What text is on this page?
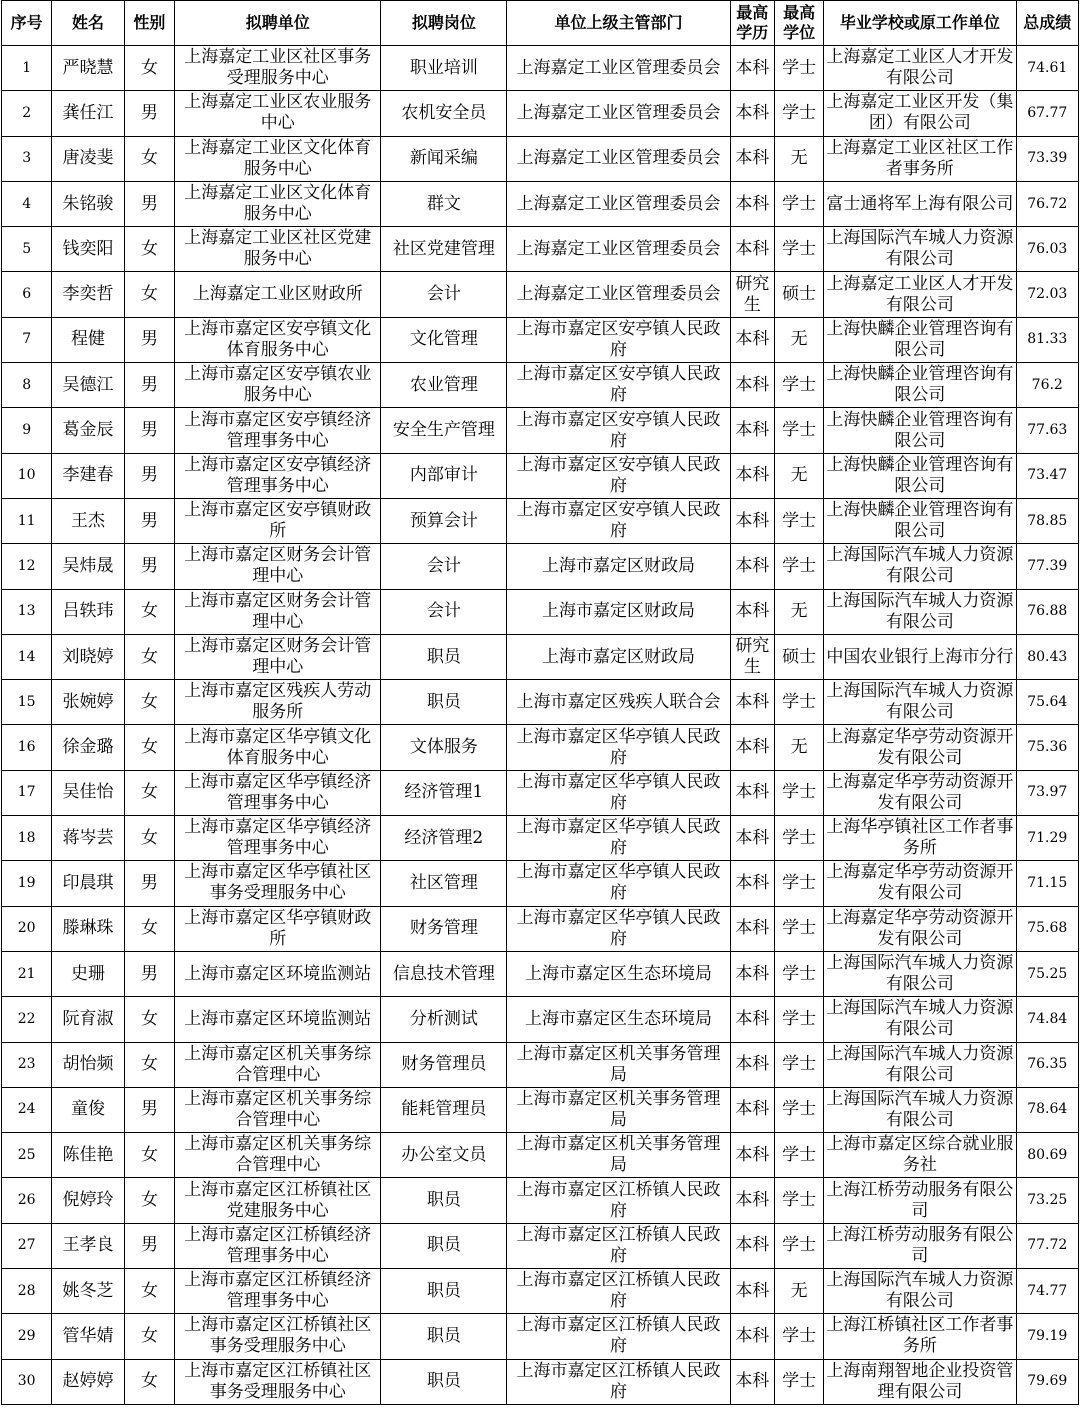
序号	姓名	性别	拟聘单位	拟聘岗位	单位上级主管部门	最高学历	最高学位	毕业学校或原工作单位	总成绩
1	严晓慧	女	上海嘉定工业区社区事务受理服务中心	职业培训	上海嘉定工业区管理委员会	本科	学士	上海嘉定工业区人才开发有限公司	74.61
2	龚任江	男	上海嘉定工业区农业服务中心	农机安全员	上海嘉定工业区管理委员会	本科	学士	上海嘉定工业区开发（集团）有限公司	67.77
3	唐凌斐	女	上海嘉定工业区文化体育服务中心	新闻采编	上海嘉定工业区管理委员会	本科	无	上海嘉定工业区社区工作者事务所	73.39
4	朱铭骏	男	上海嘉定工业区文化体育服务中心	群文	上海嘉定工业区管理委员会	本科	学士	富士通将军上海有限公司	76.72
5	钱奕阳	女	上海嘉定工业区社区党建服务中心	社区党建管理	上海嘉定工业区管理委员会	本科	学士	上海国际汽车城人力资源有限公司	76.03
6	李奕哲	女	上海嘉定工业区财政所	会计	上海嘉定工业区管理委员会	研究生	硕士	上海嘉定工业区人才开发有限公司	72.03
7	程健	男	上海市嘉定区安亭镇文化体育服务中心	文化管理	上海市嘉定区安亭镇人民政府	本科	无	上海快麟企业管理咨询有限公司	81.33
8	吴德江	男	上海市嘉定区安亭镇农业服务中心	农业管理	上海市嘉定区安亭镇人民政府	本科	学士	上海快麟企业管理咨询有限公司	76.2
9	葛金辰	男	上海市嘉定区安亭镇经济管理事务中心	安全生产管理	上海市嘉定区安亭镇人民政府	本科	学士	上海快麟企业管理咨询有限公司	77.63
10	李建春	男	上海市嘉定区安亭镇经济管理事务中心	内部审计	上海市嘉定区安亭镇人民政府	本科	无	上海快麟企业管理咨询有限公司	73.47
11	王杰	男	上海市嘉定区安亭镇财政所	预算会计	上海市嘉定区安亭镇人民政府	本科	学士	上海快麟企业管理咨询有限公司	78.85
12	吴炜晟	男	上海市嘉定区财务会计管理中心	会计	上海市嘉定区财政局	本科	学士	上海国际汽车城人力资源有限公司	77.39
13	吕轶玮	女	上海市嘉定区财务会计管理中心	会计	上海市嘉定区财政局	本科	无	上海国际汽车城人力资源有限公司	76.88
14	刘晓婷	女	上海市嘉定区财务会计管理中心	职员	上海市嘉定区财政局	研究生	硕士	中国农业银行上海市分行	80.43
15	张婉婷	女	上海市嘉定区残疾人劳动服务所	职员	上海市嘉定区残疾人联合会	本科	学士	上海国际汽车城人力资源有限公司	75.64
16	徐金璐	女	上海市嘉定区华亭镇文化体育服务中心	文体服务	上海市嘉定区华亭镇人民政府	本科	无	上海嘉定华亭劳动资源开发有限公司	75.36
17	吴佳怡	女	上海市嘉定区华亭镇经济管理事务中心	经济管理1	上海市嘉定区华亭镇人民政府	本科	学士	上海嘉定华亭劳动资源开发有限公司	73.97
18	蒋岑芸	女	上海市嘉定区华亭镇经济管理事务中心	经济管理2	上海市嘉定区华亭镇人民政府	本科	学士	上海华亭镇社区工作者事务所	71.29
19	印晨琪	男	上海市嘉定区华亭镇社区事务受理服务中心	社区管理	上海市嘉定区华亭镇人民政府	本科	学士	上海嘉定华亭劳动资源开发有限公司	71.15
20	滕琳珠	女	上海市嘉定区华亭镇财政所	财务管理	上海市嘉定区华亭镇人民政府	本科	学士	上海嘉定华亭劳动资源开发有限公司	75.68
21	史珊	男	上海市嘉定区环境监测站	信息技术管理	上海市嘉定区生态环境局	本科	学士	上海国际汽车城人力资源有限公司	75.25
22	阮育淑	女	上海市嘉定区环境监测站	分析测试	上海市嘉定区生态环境局	本科	学士	上海国际汽车城人力资源有限公司	74.84
23	胡怡频	女	上海市嘉定区机关事务综合管理中心	财务管理员	上海市嘉定区机关事务管理局	本科	学士	上海国际汽车城人力资源有限公司	76.35
24	童俊	男	上海市嘉定区机关事务综合管理中心	能耗管理员	上海市嘉定区机关事务管理局	本科	学士	上海国际汽车城人力资源有限公司	78.64
25	陈佳艳	女	上海市嘉定区机关事务综合管理中心	办公室文员	上海市嘉定区机关事务管理局	本科	学士	上海市嘉定区综合就业服务社	80.69
26	倪婷玲	女	上海市嘉定区江桥镇社区党建服务中心	职员	上海市嘉定区江桥镇人民政府	本科	学士	上海江桥劳动服务有限公司	73.25
27	王孝良	男	上海市嘉定区江桥镇经济管理事务中心	职员	上海市嘉定区江桥镇人民政府	本科	学士	上海江桥劳动服务有限公司	77.72
28	姚冬芝	女	上海市嘉定区江桥镇经济管理事务中心	职员	上海市嘉定区江桥镇人民政府	本科	无	上海国际汽车城人力资源有限公司	74.77
29	管华婧	女	上海市嘉定区江桥镇社区事务受理服务中心	职员	上海市嘉定区江桥镇人民政府	本科	学士	上海江桥镇社区工作者事务所	79.19
30	赵婷婷	女	上海市嘉定区江桥镇社区事务受理服务中心	职员	上海市嘉定区江桥镇人民政府	本科	学士	上海南翔智地企业投资管理有限公司	79.69
